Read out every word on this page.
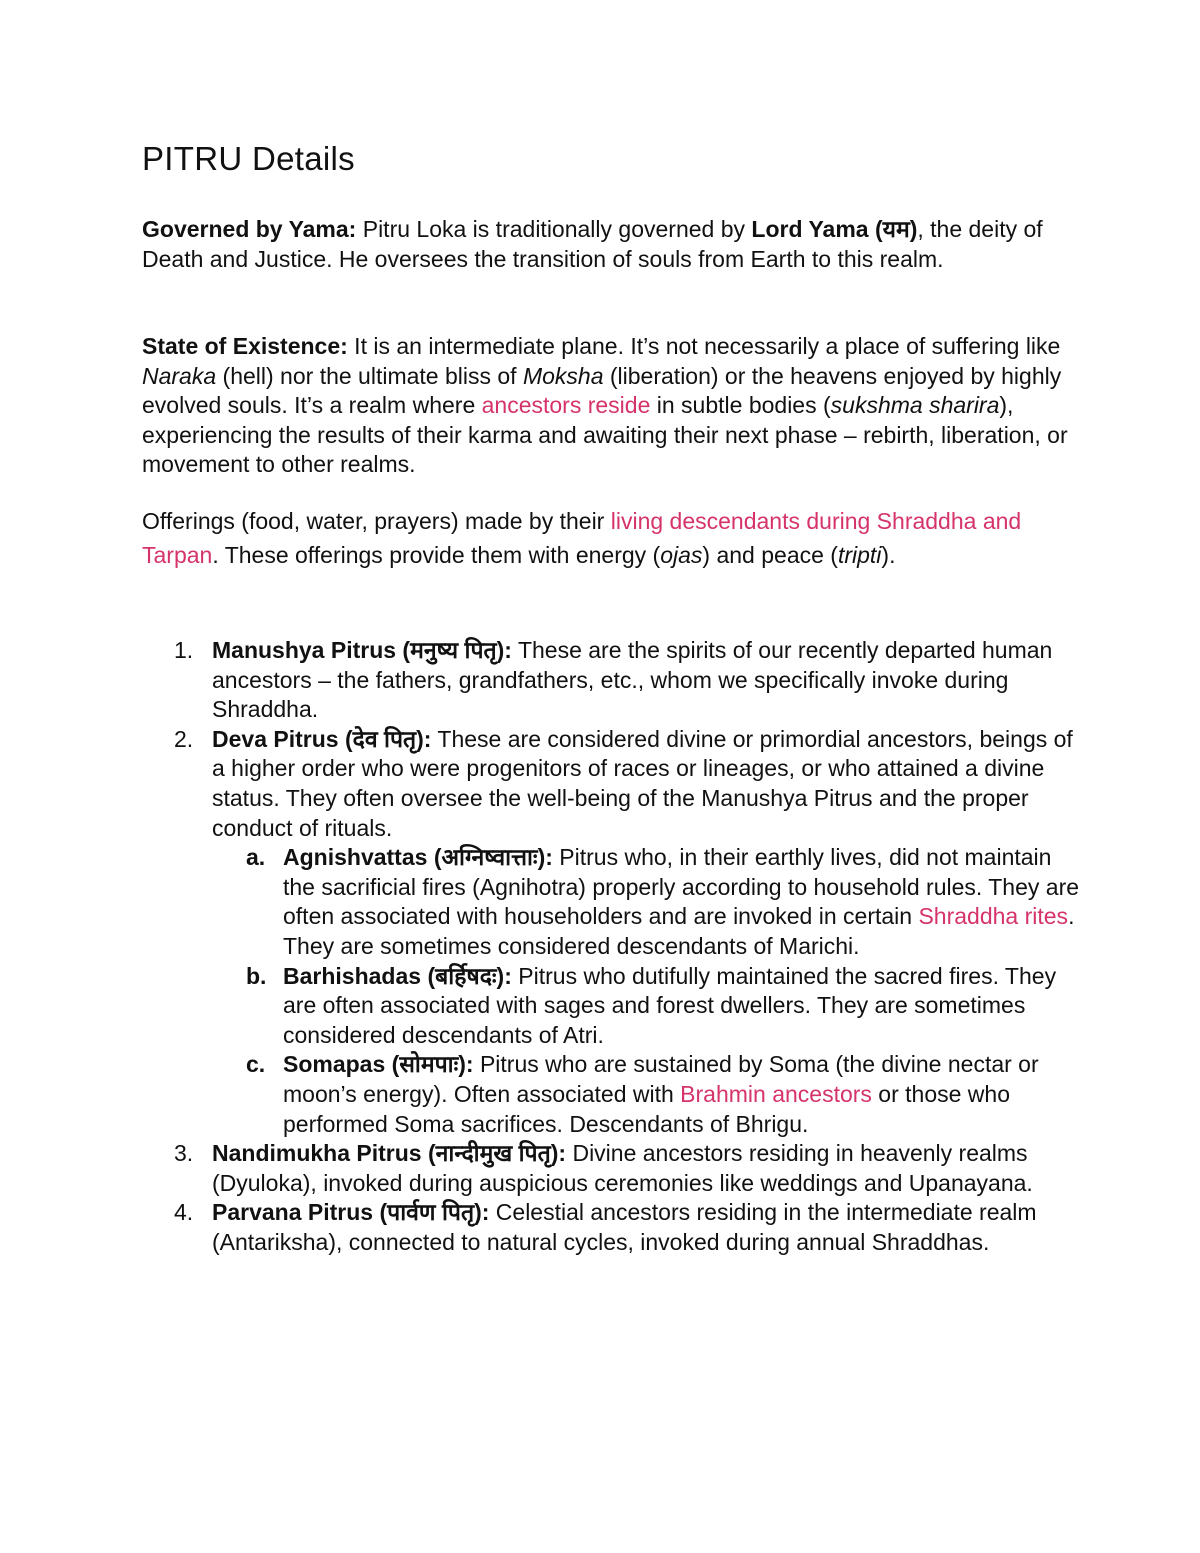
PITRU Details

Governed by Yama: Pitru Loka is traditionally governed by Lord Yama (यम), the deity of Death and Justice. He oversees the transition of souls from Earth to this realm.

State of Existence: It is an intermediate plane. It’s not necessarily a place of suffering like Naraka (hell) nor the ultimate bliss of Moksha (liberation) or the heavens enjoyed by highly evolved souls. It’s a realm where ancestors reside in subtle bodies (sukshma sharira), experiencing the results of their karma and awaiting their next phase – rebirth, liberation, or movement to other realms.

Offerings (food, water, prayers) made by their living descendants during Shraddha and Tarpan. These offerings provide them with energy (ojas) and peace (tripti).

1. Manushya Pitrus (मनुष्य पितृ): These are the spirits of our recently departed human ancestors – the fathers, grandfathers, etc., whom we specifically invoke during Shraddha.
2. Deva Pitrus (देव पितृ): These are considered divine or primordial ancestors, beings of a higher order who were progenitors of races or lineages, or who attained a divine status. They often oversee the well-being of the Manushya Pitrus and the proper conduct of rituals.
a. Agnishvattas (अग्निष्वात्ताः): Pitrus who, in their earthly lives, did not maintain the sacrificial fires (Agnihotra) properly according to household rules. They are often associated with householders and are invoked in certain Shraddha rites. They are sometimes considered descendants of Marichi.
b. Barhishadas (बर्हिषदः): Pitrus who dutifully maintained the sacred fires. They are often associated with sages and forest dwellers. They are sometimes considered descendants of Atri.
c. Somapas (सोमपाः): Pitrus who are sustained by Soma (the divine nectar or moon’s energy). Often associated with Brahmin ancestors or those who performed Soma sacrifices. Descendants of Bhrigu.
3. Nandimukha Pitrus (नान्दीमुख पितृ): Divine ancestors residing in heavenly realms (Dyuloka), invoked during auspicious ceremonies like weddings and Upanayana.
4. Parvana Pitrus (पार्वण पितृ): Celestial ancestors residing in the intermediate realm (Antariksha), connected to natural cycles, invoked during annual Shraddhas.
